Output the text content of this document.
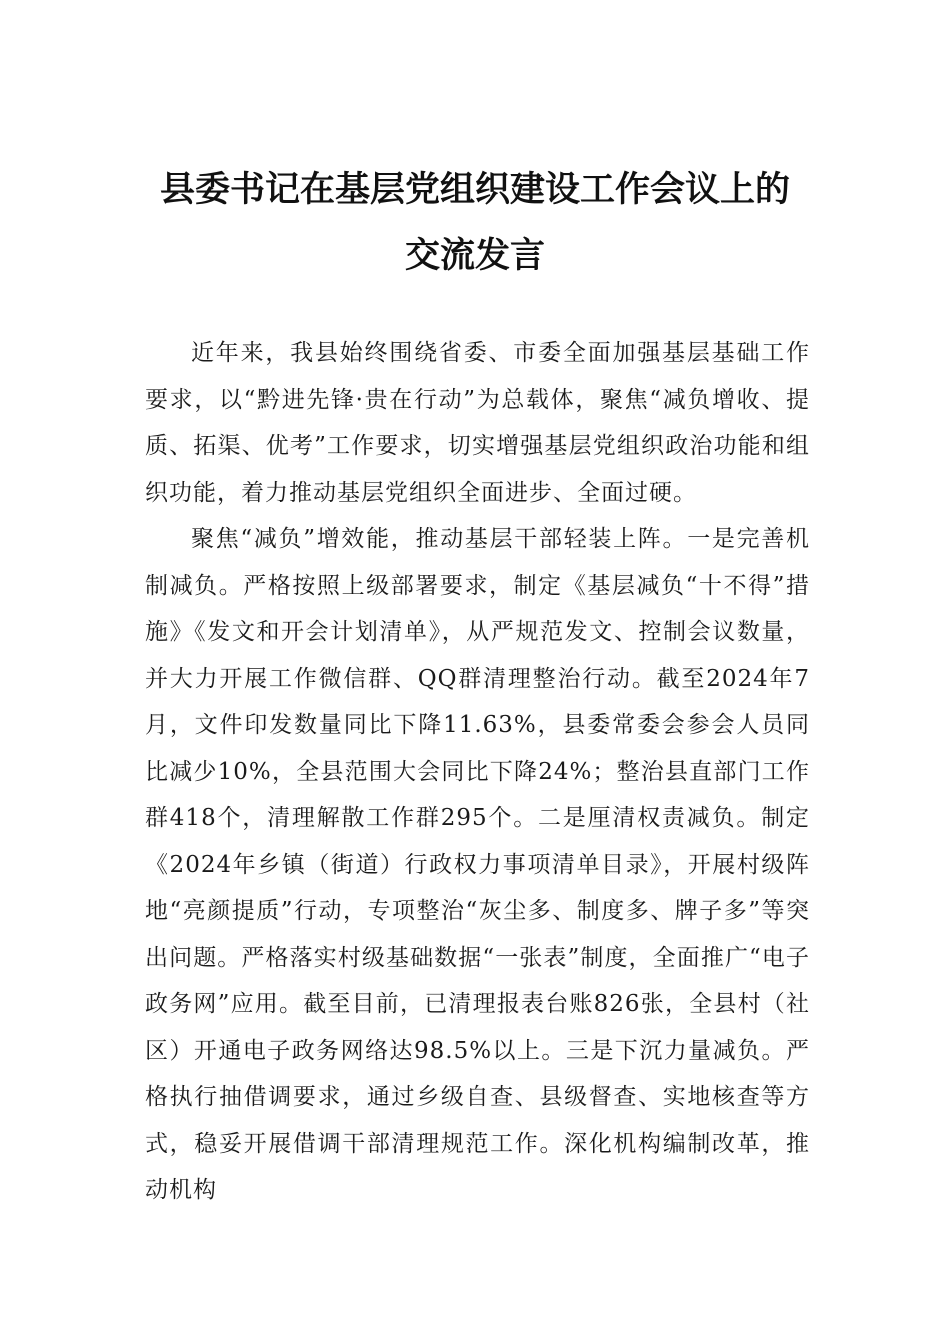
县委书记在基层党组织建设工作会议上的
交流发言

近年来，我县始终围绕省委、市委全面加强基层基础工作要求，以“黔进先锋·贵在行动”为总载体，聚焦“减负增收、提质、拓渠、优考”工作要求，切实增强基层党组织政治功能和组织功能，着力推动基层党组织全面进步、全面过硬。

聚焦“减负”增效能，推动基层干部轻装上阵。一是完善机制减负。严格按照上级部署要求，制定《基层减负“十不得”措施》《发文和开会计划清单》，从严规范发文、控制会议数量，并大力开展工作微信群、QQ群清理整治行动。截至2024年7月，文件印发数量同比下降11.63%，县委常委会参会人员同比减少10%，全县范围大会同比下降24%；整治县直部门工作群418个，清理解散工作群295个。二是厘清权责减负。制定《2024年乡镇（街道）行政权力事项清单目录》，开展村级阵地“亮颜提质”行动，专项整治“灰尘多、制度多、牌子多”等突出问题。严格落实村级基础数据“一张表”制度，全面推广“电子政务网”应用。截至目前，已清理报表台账826张，全县村（社区）开通电子政务网络达98.5%以上。三是下沉力量减负。严格执行抽借调要求，通过乡级自查、县级督查、实地核查等方式，稳妥开展借调干部清理规范工作。深化机构编制改革，推动机构
